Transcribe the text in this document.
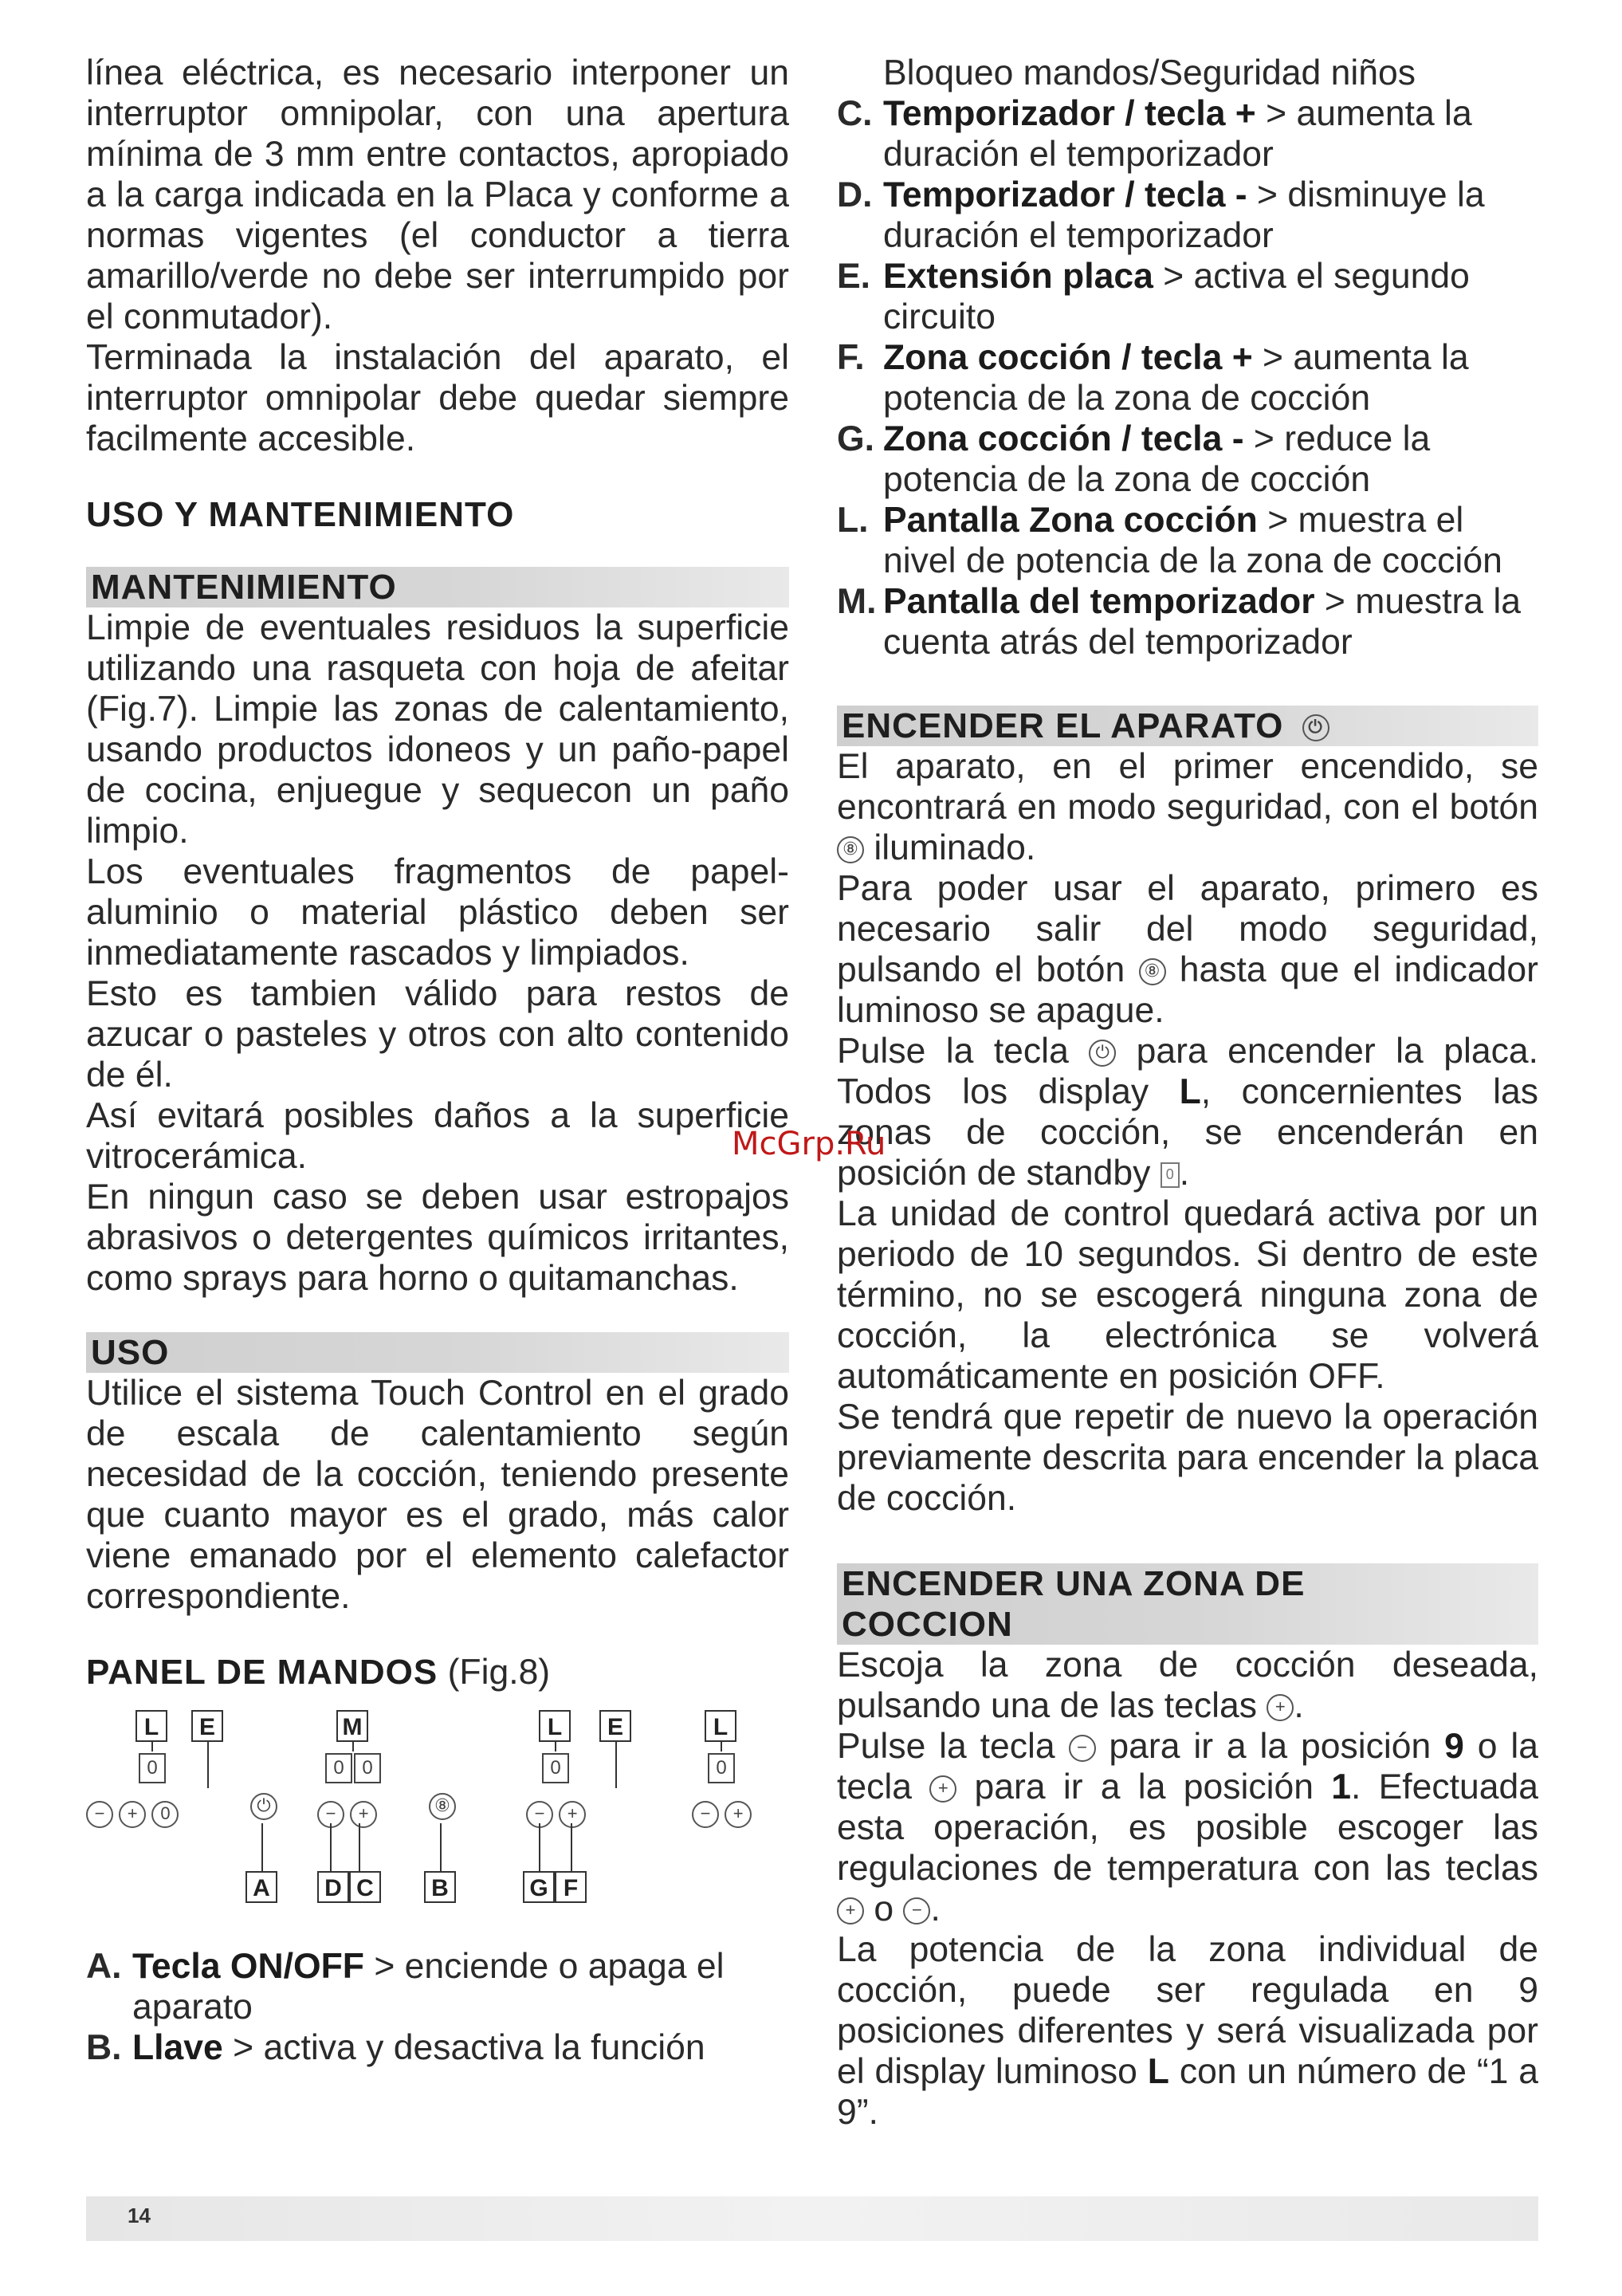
línea eléctrica, es necesario interponer un interruptor omnipolar, con una apertura mínima de 3 mm entre contactos, apropiado a la carga indicada en la Placa y conforme a normas vigentes (el conductor a tierra amarillo/verde no debe ser interrumpido por el conmutador).

Terminada la instalación del aparato, el interruptor omnipolar debe quedar siempre facilmente accesible.

USO Y MANTENIMIENTO

MANTENIMIENTO

Limpie de eventuales residuos la superficie utilizando una rasqueta con hoja de afeitar (Fig.7). Limpie las zonas de calentamiento, usando productos idoneos y un paño-papel de cocina, enjuegue y sequecon un paño limpio.

Los eventuales fragmentos de papel-aluminio o material plástico deben ser inmediatamente rascados y limpiados.

Esto es tambien válido para restos de azucar o pasteles y otros con alto contenido de él.

Así evitará posibles daños a la superficie vitrocerámica.

En ningun caso se deben usar estropajos abrasivos o detergentes químicos irritantes, como sprays para horno o quitamanchas.

USO

Utilice el sistema Touch Control en el grado de escala de calentamiento según necesidad de la cocción, teniendo presente que cuanto mayor es el grado, más calor viene emanado por el elemento calefactor correspondiente.

PANEL DE MANDOS (Fig.8)

L	E	M	L	E	L
0	0 0	0	0
− + 0	⏻	− +	⑧	− +	− +
A	D C	B	G F

A. Tecla ON/OFF > enciende o apaga el aparato

B. Llave > activa y desactiva la función

Bloqueo mandos/Seguridad niños

C. Temporizador / tecla + > aumenta la duración el temporizador

D. Temporizador / tecla - > disminuye la duración el temporizador

E. Extensión placa > activa el segundo circuito

F. Zona cocción / tecla + > aumenta la potencia de la zona de cocción

G. Zona cocción / tecla - > reduce la potencia de la zona de cocción

L. Pantalla Zona cocción > muestra el nivel de potencia de la zona de cocción

M. Pantalla del temporizador > muestra la cuenta atrás del temporizador

ENCENDER EL APARATO ⏻

El aparato, en el primer encendido, se encontrará en modo seguridad, con el botón ⑧ iluminado.

Para poder usar el aparato, primero es necesario salir del modo seguridad, pulsando el botón ⑧ hasta que el indicador luminoso se apague.

Pulse la tecla ⏻ para encender la placa. Todos los display L, concernientes las zonas de cocción, se encenderán en posición de standby 0 .

La unidad de control quedará activa por un periodo de 10 segundos. Si dentro de este término, no se escogerá ninguna zona de cocción, la electrónica se volverá automáticamente en posición OFF.

Se tendrá que repetir de nuevo la operación previamente descrita para encender la placa de cocción.

ENCENDER UNA ZONA DE
COCCION

Escoja la zona de cocción deseada, pulsando una de las teclas + .

Pulse la tecla − para ir a la posición 9 o la tecla + para ir a la posición 1. Efectuada esta operación, es posible escoger las regulaciones de temperatura con las teclas + o − .

La potencia de la zona individual de cocción, puede ser regulada en 9 posiciones diferentes y será visualizada por el display luminoso L con un número de “1 a 9”.

McGrp.Ru
14
